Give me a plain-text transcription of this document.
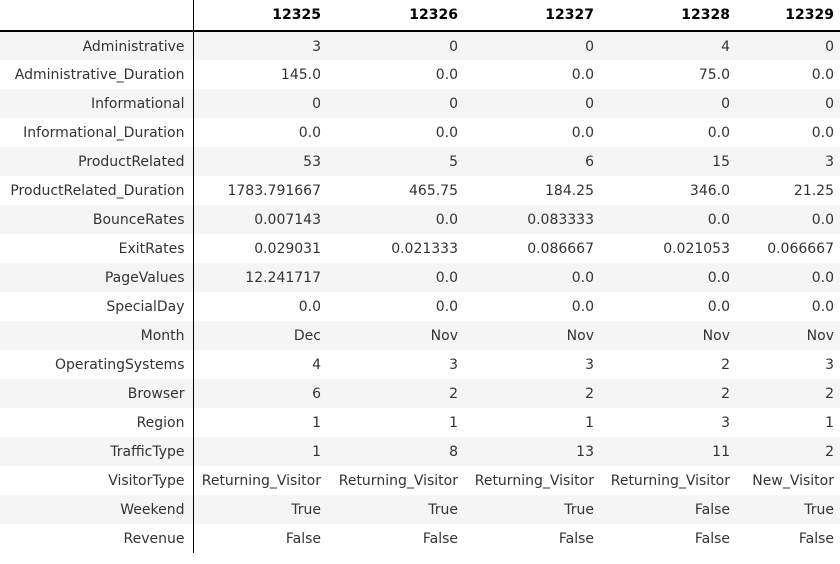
	12325	12326	12327	12328	12329
Administrative	3	0	0	4	0
Administrative_Duration	145.0	0.0	0.0	75.0	0.0
Informational	0	0	0	0	0
Informational_Duration	0.0	0.0	0.0	0.0	0.0
ProductRelated	53	5	6	15	3
ProductRelated_Duration	1783.791667	465.75	184.25	346.0	21.25
BounceRates	0.007143	0.0	0.083333	0.0	0.0
ExitRates	0.029031	0.021333	0.086667	0.021053	0.066667
PageValues	12.241717	0.0	0.0	0.0	0.0
SpecialDay	0.0	0.0	0.0	0.0	0.0
Month	Dec	Nov	Nov	Nov	Nov
OperatingSystems	4	3	3	2	3
Browser	6	2	2	2	2
Region	1	1	1	3	1
TrafficType	1	8	13	11	2
VisitorType	Returning_Visitor	Returning_Visitor	Returning_Visitor	Returning_Visitor	New_Visitor
Weekend	True	True	True	False	True
Revenue	False	False	False	False	False
